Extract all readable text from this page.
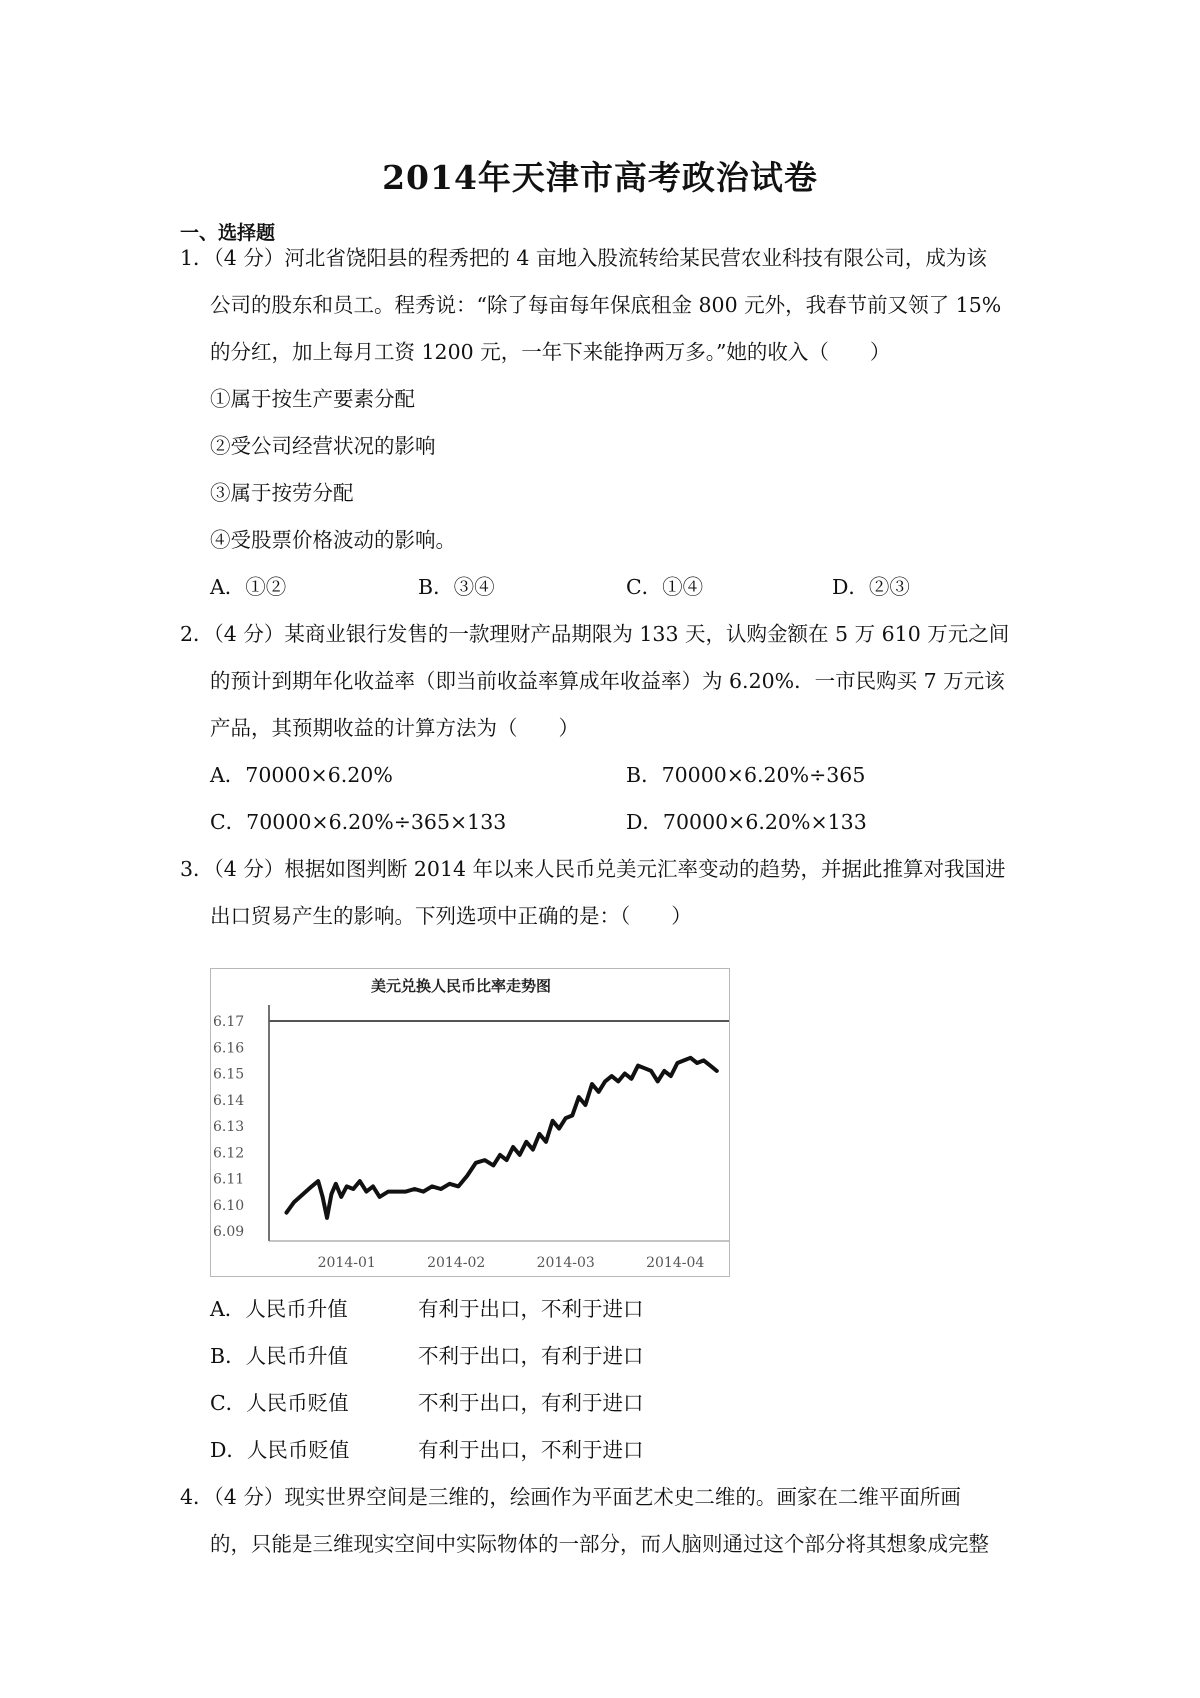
2014年天津市高考政治试卷
一、选择题
1．（4 分）河北省饶阳县的程秀把的 4 亩地入股流转给某民营农业科技有限公司，成为该
公司的股东和员工。程秀说：“除了每亩每年保底租金 800 元外，我春节前又领了 15%
的分红，加上每月工资 1200 元，一年下来能挣两万多。”她的收入（　　）
①属于按生产要素分配
②受公司经营状况的影响
③属于按劳分配
④受股票价格波动的影响。
A．①②	B．③④	C．①④	D．②③
2．（4 分）某商业银行发售的一款理财产品期限为 133 天，认购金额在 5 万 610 万元之间
的预计到期年化收益率（即当前收益率算成年收益率）为 6.20%．一市民购买 7 万元该
产品，其预期收益的计算方法为（　　）
A．70000×6.20%	B．70000×6.20%÷365
C．70000×6.20%÷365×133	D．70000×6.20%×133
3．（4 分）根据如图判断 2014 年以来人民币兑美元汇率变动的趋势，并据此推算对我国进
出口贸易产生的影响。下列选项中正确的是：（　　）
美元兑换人民币比率走势图
6.09
6.10
6.11
6.12
6.13
6.14
6.15
6.16
6.17
2014-01	2014-02	2014-03	2014-04
A．人民币升值	有利于出口，不利于进口
B．人民币升值	不利于出口，有利于进口
C．人民币贬值	不利于出口，有利于进口
D．人民币贬值	有利于出口，不利于进口
4．（4 分）现实世界空间是三维的，绘画作为平面艺术史二维的。画家在二维平面所画
的，只能是三维现实空间中实际物体的一部分，而人脑则通过这个部分将其想象成完整
